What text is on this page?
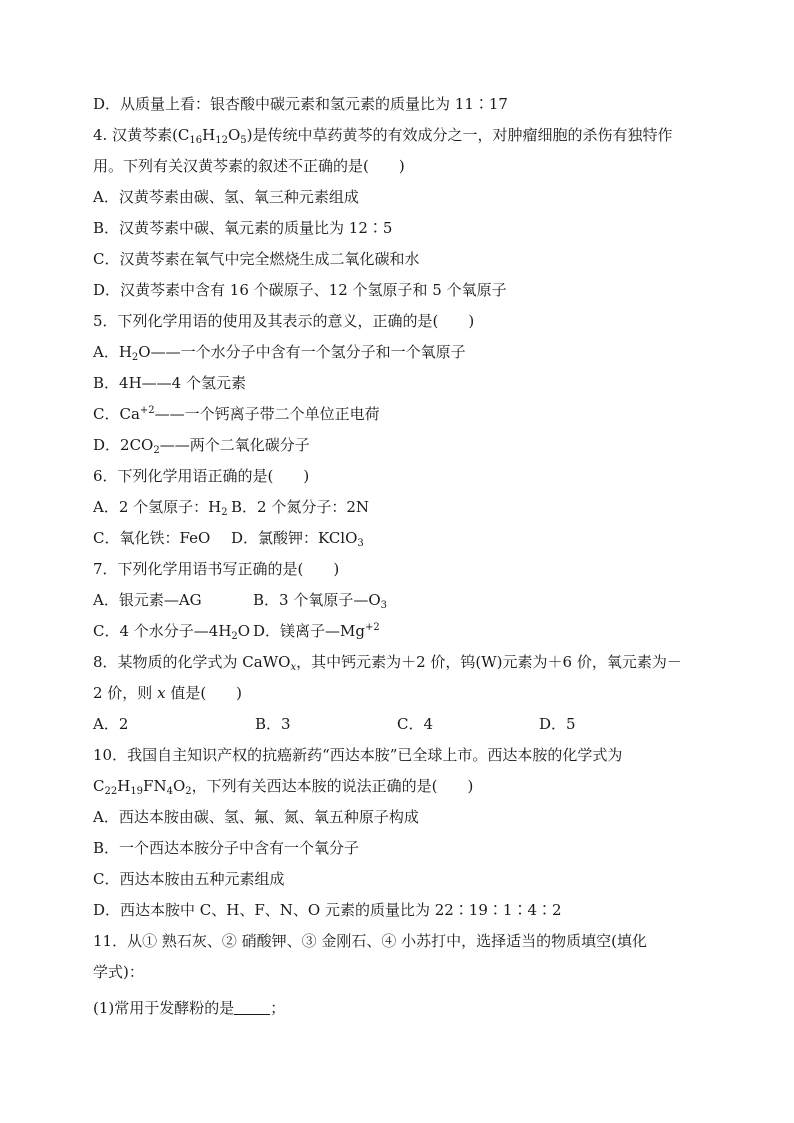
D．从质量上看：银杏酸中碳元素和氢元素的质量比为 11∶17
4. 汉黄芩素$(C_{16}H_{12}O_5)$是传统中草药黄芩的有效成分之一，对肿瘤细胞的杀伤有独特作
用。下列有关汉黄芩素的叙述不正确的是(　　)
A．汉黄芩素由碳、氢、氧三种元素组成
B．汉黄芩素中碳、氧元素的质量比为 12∶5
C．汉黄芩素在氧气中完全燃烧生成二氧化碳和水
D．汉黄芩素中含有 16 个碳原子、12 个氢原子和 5 个氧原子
5．下列化学用语的使用及其表示的意义，正确的是(　　)
A．$H_2O——$一个水分子中含有一个氢分子和一个氧原子
B．4H——4 个氢元素
C．$Ca^{+2}——$一个钙离子带二个单位正电荷
D．$2CO_2——$两个二氧化碳分子
6．下列化学用语正确的是(　　)
A．2 个氢原子：$H_2$ B．2 个氮分子：2N
C．氧化铁：FeO D．氯酸钾：KClO$_3$
7．下列化学用语书写正确的是(　　)
A．银元素—AG	B．3 个氧原子$—O_3$
C．4 个水分子$—4H_2O$ D．镁离子$—Mg^{+2}$
8．某物质的化学式为 CaWO$_x$，其中钙元素为＋2 价，钨(W)元素为＋6 价，氧元素为－
2 价，则 x 值是(　　)
A．2	B．3	C．4	D．5
10．我国自主知识产权的抗癌新药“西达本胺”已全球上市。西达本胺的化学式为
$C_{22}H_{19}FN_4O_2$，下列有关西达本胺的说法正确的是(　　)
A．西达本胺由碳、氢、氟、氮、氧五种原子构成
B．一个西达本胺分子中含有一个氧分子
C．西达本胺由五种元素组成
D．西达本胺中 C、H、F、N、O 元素的质量比为 22∶19∶1∶4∶2
11．从① 熟石灰、② 硝酸钾、③ 金刚石、④ 小苏打中，选择适当的物质填空(填化
学式)：
(1)常用于发酵粉的是 ；
